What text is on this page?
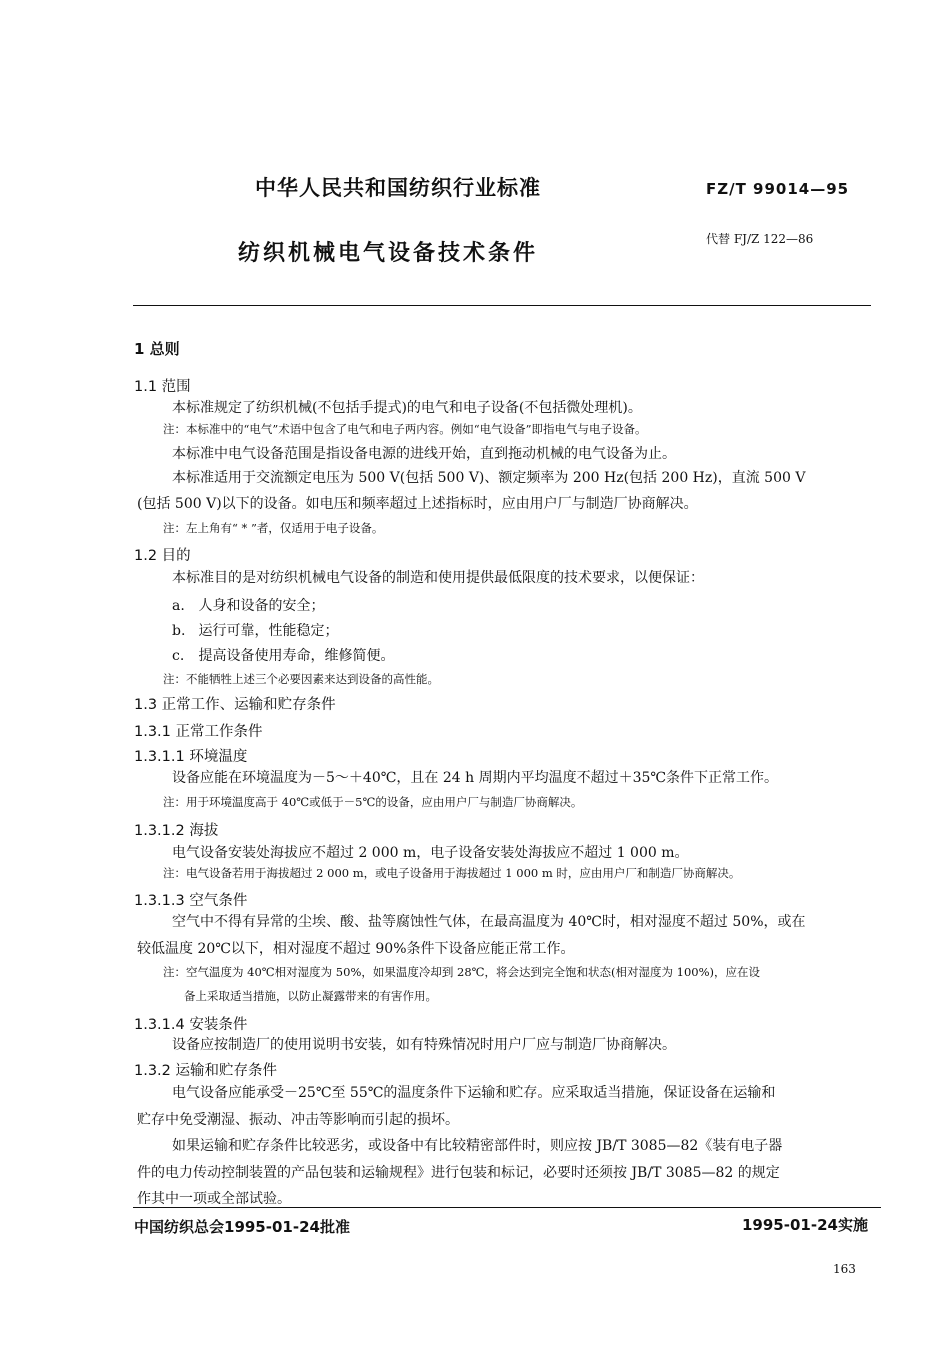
中华人民共和国纺织行业标准	FZ/T 99014—95
纺织机械电气设备技术条件
代替 FJ/Z 122—86
1 总则
1.1 范围
本标准规定了纺织机械(不包括手提式)的电气和电子设备(不包括微处理机)。
注：本标准中的“电气”术语中包含了电气和电子两内容。例如“电气设备”即指电气与电子设备。
本标准中电气设备范围是指设备电源的进线开始，直到拖动机械的电气设备为止。
本标准适用于交流额定电压为 500 V(包括 500 V)、额定频率为 200 Hz(包括 200 Hz)，直流 500 V
(包括 500 V)以下的设备。如电压和频率超过上述指标时，应由用户厂与制造厂协商解决。
注：左上角有“ * ”者，仅适用于电子设备。
1.2 目的
本标准目的是对纺织机械电气设备的制造和使用提供最低限度的技术要求，以便保证：
a. 人身和设备的安全；
b. 运行可靠，性能稳定；
c. 提高设备使用寿命，维修简便。
注：不能牺牲上述三个必要因素来达到设备的高性能。
1.3 正常工作、运输和贮存条件
1.3.1 正常工作条件
1.3.1.1 环境温度
设备应能在环境温度为－5～＋40℃，且在 24 h 周期内平均温度不超过＋35℃条件下正常工作。
注：用于环境温度高于 40℃或低于－5℃的设备，应由用户厂与制造厂协商解决。
1.3.1.2 海拔
电气设备安装处海拔应不超过 2 000 m，电子设备安装处海拔应不超过 1 000 m。
注：电气设备若用于海拔超过 2 000 m，或电子设备用于海拔超过 1 000 m 时，应由用户厂和制造厂协商解决。
1.3.1.3 空气条件
空气中不得有异常的尘埃、酸、盐等腐蚀性气体，在最高温度为 40℃时，相对湿度不超过 50%，或在
较低温度 20℃以下，相对湿度不超过 90%条件下设备应能正常工作。
注：空气温度为 40℃相对湿度为 50%，如果温度冷却到 28℃，将会达到完全饱和状态(相对湿度为 100%)，应在设
备上采取适当措施，以防止凝露带来的有害作用。
1.3.1.4 安装条件
设备应按制造厂的使用说明书安装，如有特殊情况时用户厂应与制造厂协商解决。
1.3.2 运输和贮存条件
电气设备应能承受－25℃至 55℃的温度条件下运输和贮存。应采取适当措施，保证设备在运输和
贮存中免受潮湿、振动、冲击等影响而引起的损坏。
如果运输和贮存条件比较恶劣，或设备中有比较精密部件时，则应按 JB/T 3085—82《装有电子器
件的电力传动控制装置的产品包装和运输规程》进行包装和标记，必要时还须按 JB/T 3085—82 的规定
作其中一项或全部试验。
中国纺织总会1995-01-24批准	1995-01-24实施
163
